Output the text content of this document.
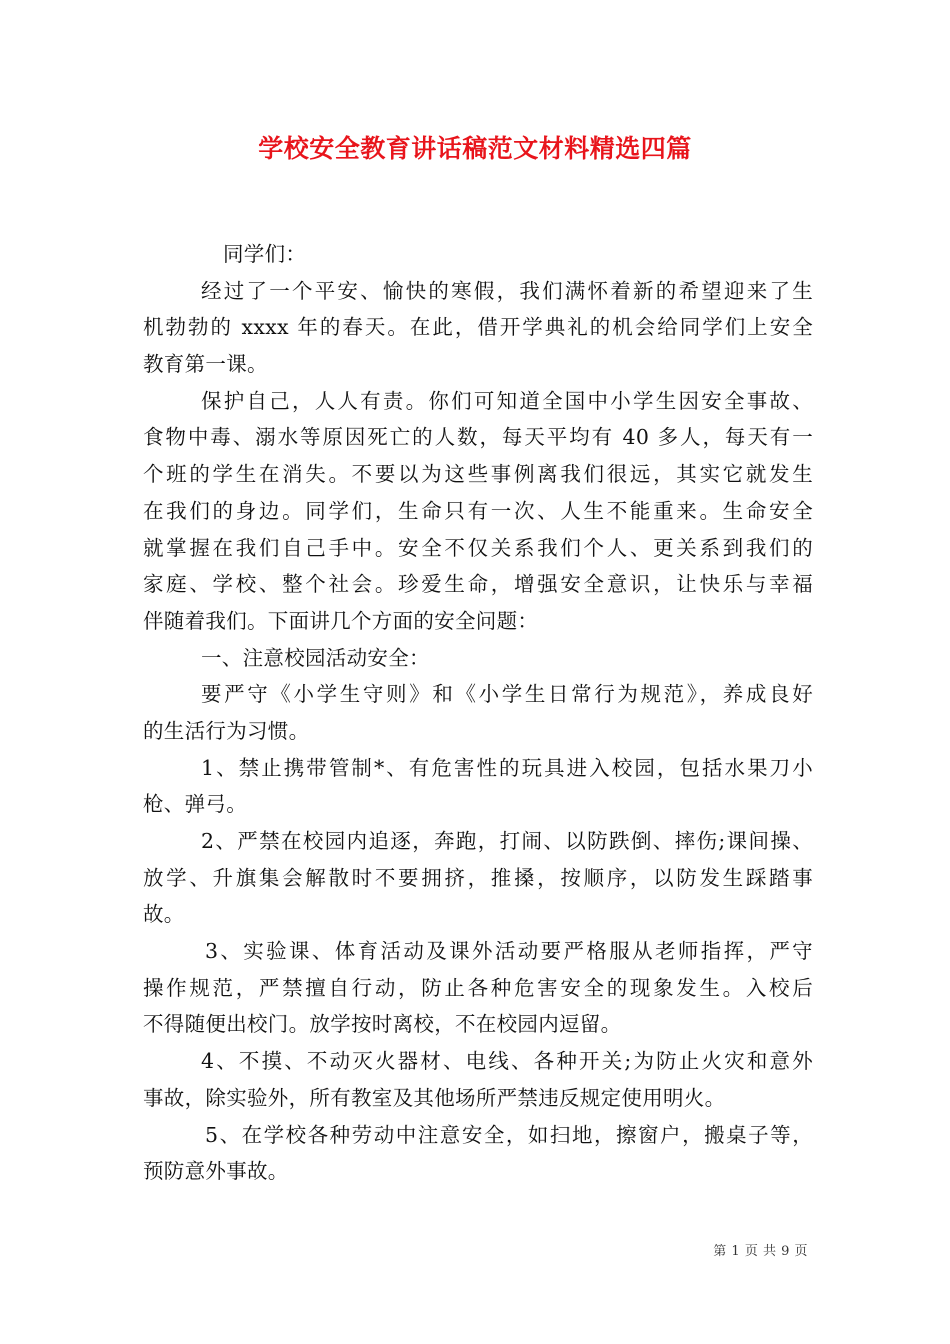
学校安全教育讲话稿范文材料精选四篇
同学们：
经过了一个平安、愉快的寒假，我们满怀着新的希望迎来了生
机勃勃的 xxxx 年的春天。在此，借开学典礼的机会给同学们上安全
教育第一课。
保护自己，人人有责。你们可知道全国中小学生因安全事故、
食物中毒、溺水等原因死亡的人数，每天平均有 40 多人，每天有一
个班的学生在消失。不要以为这些事例离我们很远，其实它就发生
在我们的身边。同学们，生命只有一次、人生不能重来。生命安全
就掌握在我们自己手中。安全不仅关系我们个人、更关系到我们的
家庭、学校、整个社会。珍爱生命，增强安全意识，让快乐与幸福
伴随着我们。下面讲几个方面的安全问题：
一、注意校园活动安全：
要严守《小学生守则》和《小学生日常行为规范》，养成良好
的生活行为习惯。
1、禁止携带管制*、有危害性的玩具进入校园，包括水果刀小
枪、弹弓。
2、严禁在校园内追逐，奔跑，打闹、以防跌倒、摔伤;课间操、
放学、升旗集会解散时不要拥挤，推搡，按顺序，以防发生踩踏事
故。
3、实验课、体育活动及课外活动要严格服从老师指挥，严守
操作规范，严禁擅自行动，防止各种危害安全的现象发生。入校后
不得随便出校门。放学按时离校，不在校园内逗留。
4、不摸、不动灭火器材、电线、各种开关;为防止火灾和意外
事故，除实验外，所有教室及其他场所严禁违反规定使用明火。
5、在学校各种劳动中注意安全，如扫地，擦窗户，搬桌子等，
预防意外事故。
第 1 页 共 9 页
